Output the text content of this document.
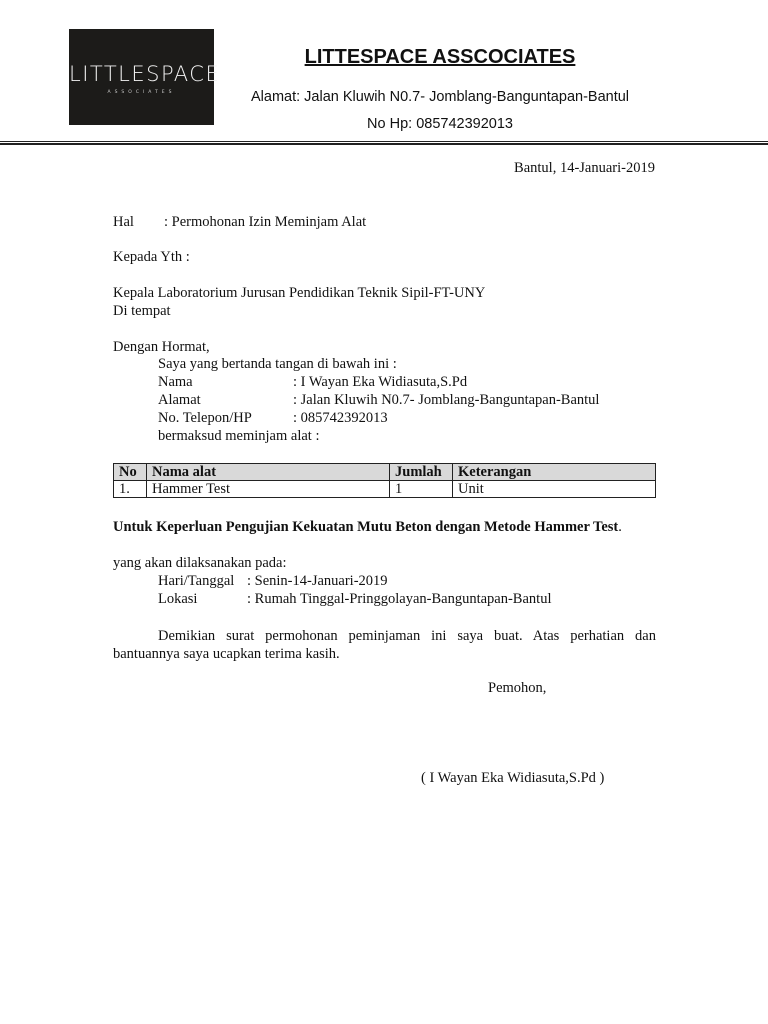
LITTLESPACE
ASSOCIATES
LITTESPACE ASSCOCIATES
Alamat: Jalan Kluwih N0.7- Jomblang-Banguntapan-Bantul
No Hp: 085742392013
Bantul, 14-Januari-2019
Hal : Permohonan Izin Meminjam Alat
Kepada Yth :
Kepala Laboratorium Jurusan Pendidikan Teknik Sipil-FT-UNY
Di tempat
Dengan Hormat,
Saya yang bertanda tangan di bawah ini :
Nama	: I Wayan Eka Widiasuta,S.Pd
Alamat	: Jalan Kluwih N0.7- Jomblang-Banguntapan-Bantul
No. Telepon/HP	: 085742392013
bermaksud meminjam alat :
No	Nama alat	Jumlah	Keterangan
1.	Hammer Test	1	Unit
Untuk Keperluan Pengujian Kekuatan Mutu Beton dengan Metode Hammer Test.
yang akan dilaksanakan pada:
Hari/Tanggal : Senin-14-Januari-2019
Lokasi	: Rumah Tinggal-Pringgolayan-Banguntapan-Bantul
Demikian surat permohonan peminjaman ini saya buat. Atas perhatian dan bantuannya saya ucapkan terima kasih.
Pemohon,
( I Wayan Eka Widiasuta,S.Pd )
